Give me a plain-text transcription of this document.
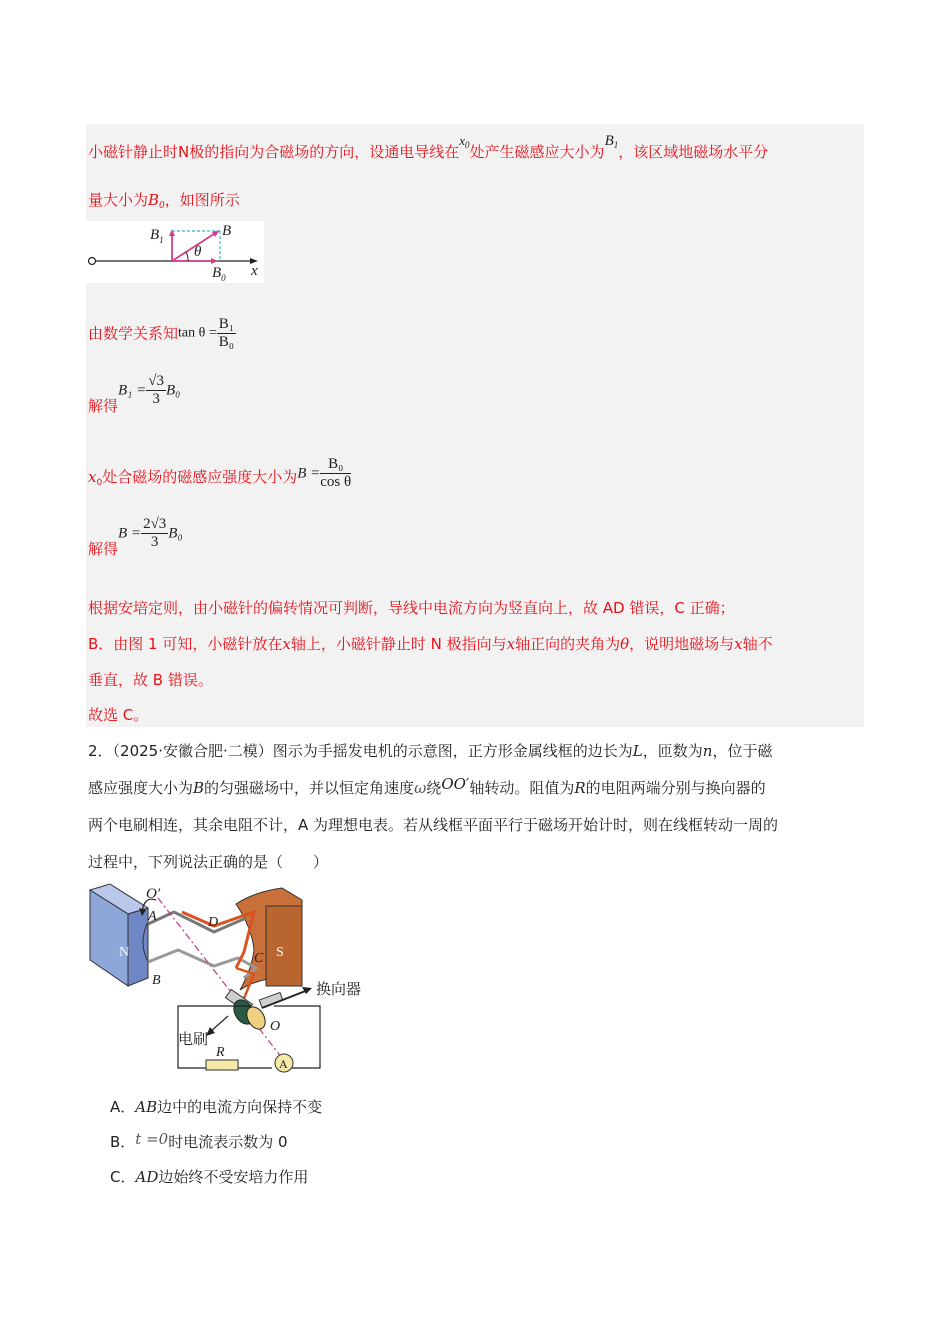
小磁针静止时N极的指向为合磁场的方向，设通电导线在$x_0$处产生磁感应大小为$B_1$，该区域地磁场水平分
量大小为$B_0$，如图所示
$B_1$
B
θ
$B_0$ x
由数学关系知$\tan \theta = \frac{\text{B₁}}{\text{B₀}}$
解得$B_1 = \frac{√3}{3} B_0$
$x_0$处合磁场的磁感应强度大小为$B = \frac{\text{B₀}}{\text{cos θ}}$
解得$B = \frac{2√3}{3} B_0$
根据安培定则，由小磁针的偏转情况可判断，导线中电流方向为竖直向上，故 AD 错误，C 正确；
B．由图 1 可知，小磁针放在x轴上，小磁针静止时 N 极指向与x轴正向的夹角为θ，说明地磁场与x轴不
垂直，故 B 错误。
故选 C。
2．（2025·安徽合肥·二模）图示为手摇发电机的示意图，正方形金属线框的边长为L，匝数为n，位于磁
感应强度大小为B的匀强磁场中，并以恒定角速度ω绕OO′轴转动。阻值为R的电阻两端分别与换向器的
两个电刷相连，其余电阻不计，A 为理想电表。若从线框平面平行于磁场开始计时，则在线框转动一周的
过程中，下列说法正确的是（　　）
N	S
O′
A	D
C
B
O
换向器
电刷
R
A
A．AB边中的电流方向保持不变
B．t =0时电流表示数为 0
C．AD边始终不受安培力作用
